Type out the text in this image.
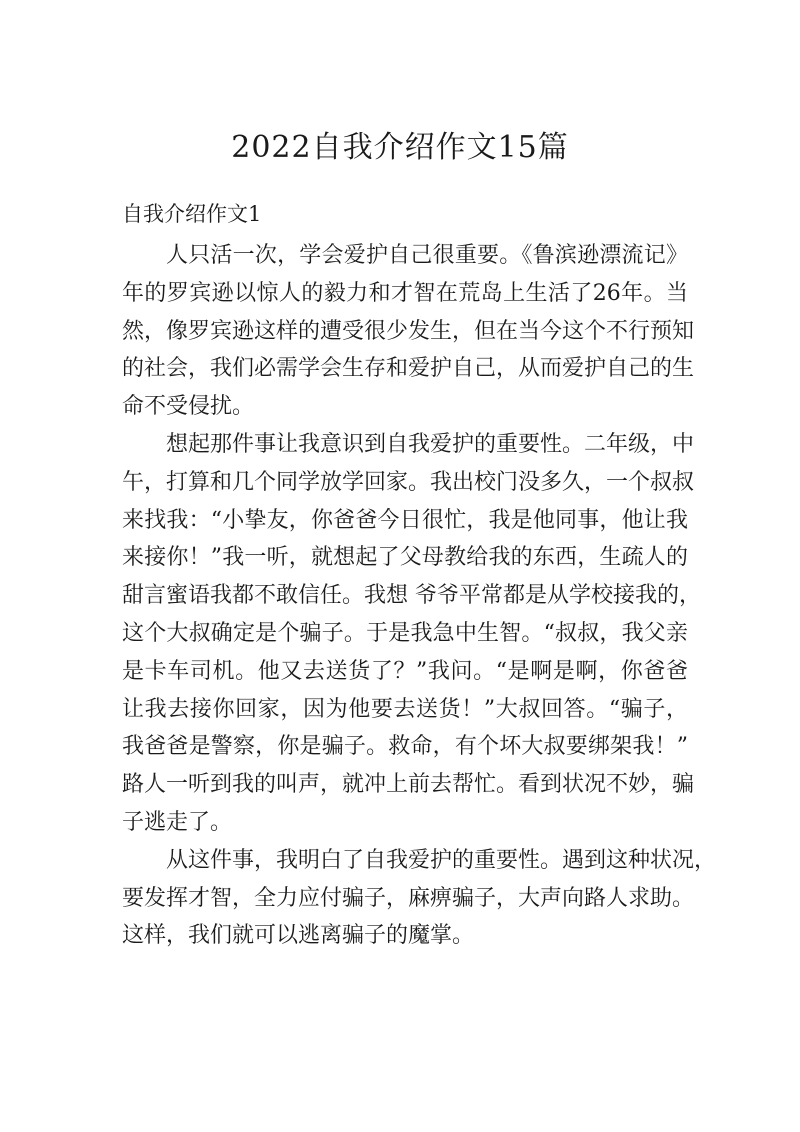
2022自我介绍作文15篇
自我介绍作文1
人只活一次，学会爱护自己很重要。《鲁滨逊漂流记》
年的罗宾逊以惊人的毅力和才智在荒岛上生活了26年。当
然，像罗宾逊这样的遭受很少发生，但在当今这个不行预知
的社会，我们必需学会生存和爱护自己，从而爱护自己的生
命不受侵扰。
想起那件事让我意识到自我爱护的重要性。二年级，中
午，打算和几个同学放学回家。我出校门没多久，一个叔叔
来找我：“小挚友，你爸爸今日很忙，我是他同事，他让我
来接你！”我一听，就想起了父母教给我的东西，生疏人的
甜言蜜语我都不敢信任。我想 爷爷平常都是从学校接我的，
这个大叔确定是个骗子。于是我急中生智。“叔叔，我父亲
是卡车司机。他又去送货了？”我问。“是啊是啊，你爸爸
让我去接你回家，因为他要去送货！”大叔回答。“骗子，
我爸爸是警察，你是骗子。救命，有个坏大叔要绑架我！”
路人一听到我的叫声，就冲上前去帮忙。看到状况不妙，骗
子逃走了。
从这件事，我明白了自我爱护的重要性。遇到这种状况，
要发挥才智，全力应付骗子，麻痹骗子，大声向路人求助。
这样，我们就可以逃离骗子的魔掌。
